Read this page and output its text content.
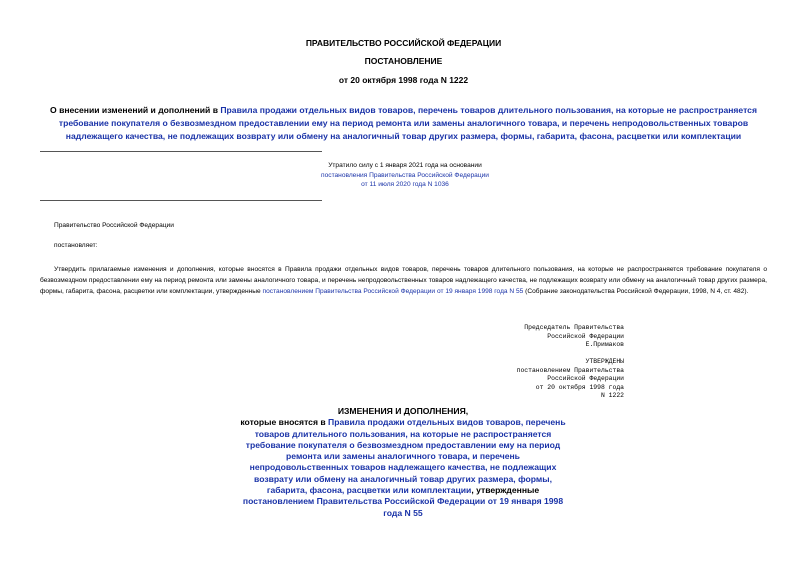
ПРАВИТЕЛЬСТВО РОССИЙСКОЙ ФЕДЕРАЦИИ
ПОСТАНОВЛЕНИЕ
от 20 октября 1998 года N 1222
О внесении изменений и дополнений в Правила продажи отдельных видов товаров, перечень товаров длительного пользования, на которые не распространяется требование покупателя о безвозмездном предоставлении ему на период ремонта или замены аналогичного товара, и перечень непродовольственных товаров надлежащего качества, не подлежащих возврату или обмену на аналогичный товар других размера, формы, габарита, фасона, расцветки или комплектации
Утратило силу с 1 января 2021 года на основании
постановления Правительства Российской Федерации
от 11 июля 2020 года N 1036
Правительство Российской Федерации
постановляет:
Утвердить прилагаемые изменения и дополнения, которые вносятся в Правила продажи отдельных видов товаров, перечень товаров длительного пользования, на которые не распространяется требование покупателя о безвозмездном предоставлении ему на период ремонта или замены аналогичного товара, и перечень непродовольственных товаров надлежащего качества, не подлежащих возврату или обмену на аналогичный товар других размера, формы, габарита, фасона, расцветки или комплектации, утвержденные постановлением Правительства Российской Федерации от 19 января 1998 года N 55 (Собрание законодательства Российской Федерации, 1998, N 4, ст. 482).
Председатель Правительства
Российской Федерации
Е.Примаков
УТВЕРЖДЕНЫ
постановлением Правительства
Российской Федерации
от 20 октября 1998 года
N 1222
ИЗМЕНЕНИЯ И ДОПОЛНЕНИЯ,
которые вносятся в Правила продажи отдельных видов товаров, перечень товаров длительного пользования, на которые не распространяется требование покупателя о безвозмездном предоставлении ему на период ремонта или замены аналогичного товара, и перечень непродовольственных товаров надлежащего качества, не подлежащих возврату или обмену на аналогичный товар других размера, формы, габарита, фасона, расцветки или комплектации, утвержденные постановлением Правительства Российской Федерации от 19 января 1998 года N 55
